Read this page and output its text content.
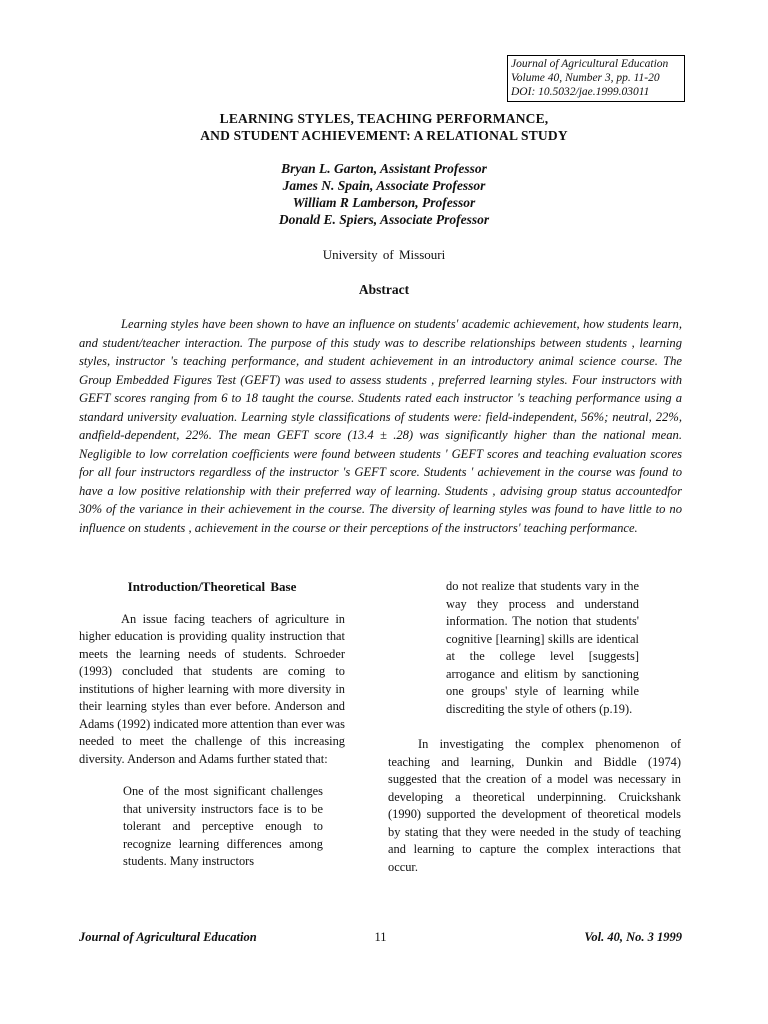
Journal of Agricultural Education
Volume 40, Number 3, pp. 11-20
DOI: 10.5032/jae.1999.03011
LEARNING STYLES, TEACHING PERFORMANCE,
AND STUDENT ACHIEVEMENT: A RELATIONAL STUDY
Bryan L. Garton, Assistant Professor
James N. Spain, Associate Professor
William R Lamberson, Professor
Donald E. Spiers, Associate Professor
University of Missouri
Abstract

Learning styles have been shown to have an influence on students' academic achievement, how students learn, and student/teacher interaction. The purpose of this study was to describe relationships between students , learning styles, instructor 's teaching performance, and student achievement in an introductory animal science course. The Group Embedded Figures Test (GEFT) was used to assess students , preferred learning styles. Four instructors with GEFT scores ranging from 6 to 18 taught the course. Students rated each instructor 's teaching performance using a standard university evaluation. Learning style classifications of students were: field-independent, 56%; neutral, 22%, andfield-dependent, 22%. The mean GEFT score (13.4 ± .28) was significantly higher than the national mean. Negligible to low correlation coefficients were found between students ' GEFT scores and teaching evaluation scores for all four instructors regardless of the instructor 's GEFT score. Students ' achievement in the course was found to have a low positive relationship with their preferred way of learning. Students , advising group status accountedfor 30% of the variance in their achievement in the course. The diversity of learning styles was found to have little to no influence on students , achievement in the course or their perceptions of the instructors' teaching performance.

Introduction/Theoretical Base

An issue facing teachers of agriculture in higher education is providing quality instruction that meets the learning needs of students. Schroeder (1993) concluded that students are coming to institutions of higher learning with more diversity in their learning styles than ever before. Anderson and Adams (1992) indicated more attention than ever was needed to meet the challenge of this increasing diversity. Anderson and Adams further stated that:

One of the most significant challenges that university instructors face is to be tolerant and perceptive enough to recognize learning differences among students. Many instructors

do not realize that students vary in the way they process and understand information. The notion that students' cognitive [learning] skills are identical at the college level [suggests] arrogance and elitism by sanctioning one groups' style of learning while discrediting the style of others (p.19).

In investigating the complex phenomenon of teaching and learning, Dunkin and Biddle (1974) suggested that the creation of a model was necessary in developing a theoretical underpinning. Cruickshank (1990) supported the development of theoretical models by stating that they were needed in the study of teaching and learning to capture the complex interactions that occur.

11
Journal of Agricultural Education	Vol. 40, No. 3 1999
